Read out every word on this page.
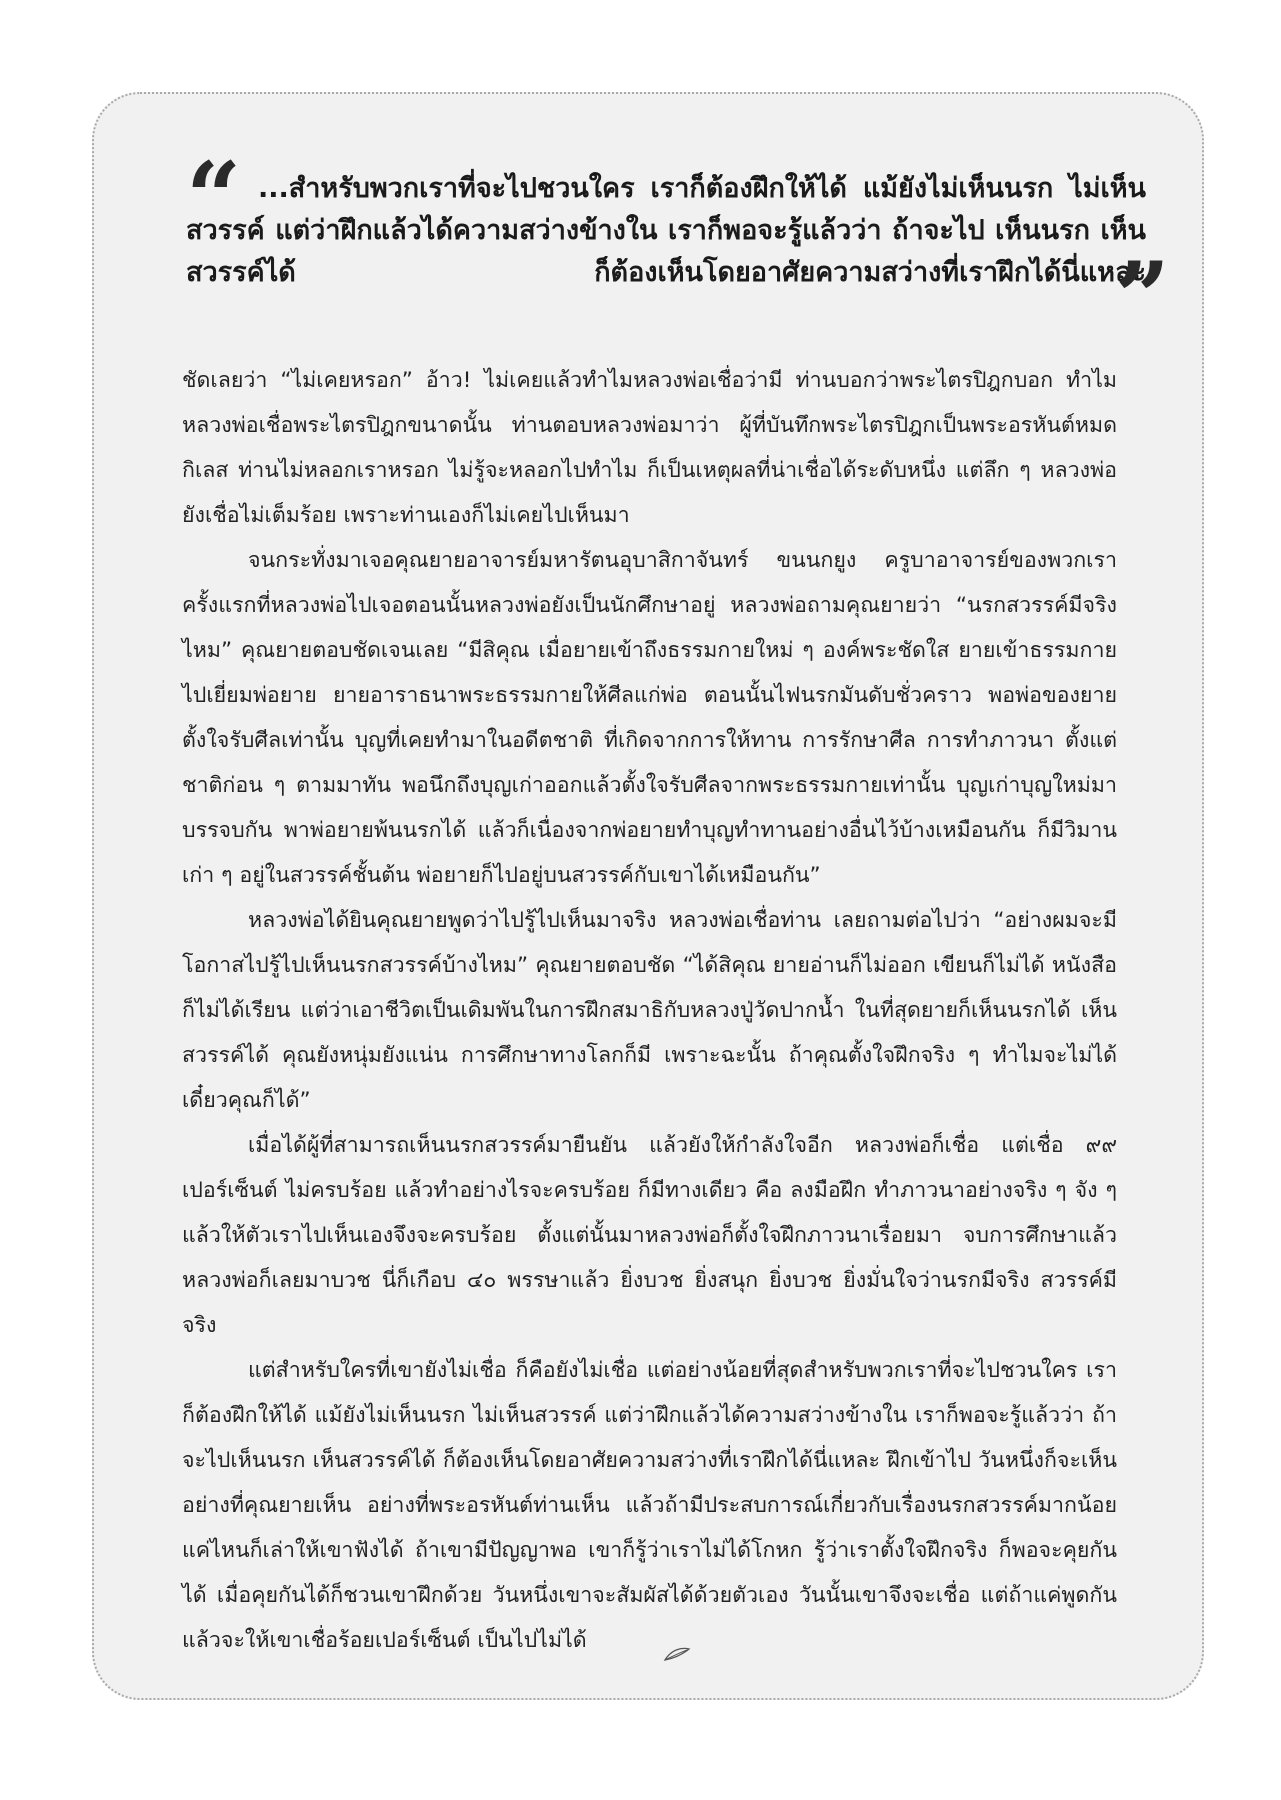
“ ...สำหรับพวกเราที่จะไปชวนใคร เราก็ต้องฝึกให้ได้ แม้ยังไม่เห็นนรก ไม่เห็นสวรรค์ แต่ว่าฝึกแล้วได้ความสว่างข้างใน เราก็พอจะรู้แล้วว่า ถ้าจะไป เห็นนรก เห็นสวรรค์ได้ ก็ต้องเห็นโดยอาศัยความสว่างที่เราฝึกได้นี่แหละ

”

ชัดเลยว่า “ไม่เคยหรอก” อ้าว! ไม่เคยแล้วทำไมหลวงพ่อเชื่อว่ามี ท่านบอกว่าพระไตรปิฎกบอก ทำไมหลวงพ่อเชื่อพระไตรปิฎกขนาดนั้น ท่านตอบหลวงพ่อมาว่า ผู้ที่บันทึกพระไตรปิฎกเป็นพระอรหันต์หมดกิเลส ท่านไม่หลอกเราหรอก ไม่รู้จะหลอกไปทำไม ก็เป็นเหตุผลที่น่าเชื่อได้ระดับหนึ่ง แต่ลึก ๆ หลวงพ่อยังเชื่อไม่เต็มร้อย เพราะท่านเองก็ไม่เคยไปเห็นมา

จนกระทั่งมาเจอคุณยายอาจารย์มหารัตนอุบาสิกาจันทร์ ขนนกยูง ครูบาอาจารย์ของพวกเรา ครั้งแรกที่หลวงพ่อไปเจอตอนนั้นหลวงพ่อยังเป็นนักศึกษาอยู่ หลวงพ่อถามคุณยายว่า “นรกสวรรค์มีจริงไหม” คุณยายตอบชัดเจนเลย “มีสิคุณ เมื่อยายเข้าถึงธรรมกายใหม่ ๆ องค์พระชัดใส ยายเข้าธรรมกายไปเยี่ยมพ่อยาย ยายอาราธนาพระธรรมกายให้ศีลแก่พ่อ ตอนนั้นไฟนรกมันดับชั่วคราว พอพ่อของยายตั้งใจรับศีลเท่านั้น บุญที่เคยทำมาในอดีตชาติ ที่เกิดจากการให้ทาน การรักษาศีล การทำภาวนา ตั้งแต่ชาติก่อน ๆ ตามมาทัน พอนึกถึงบุญเก่าออกแล้วตั้งใจรับศีลจากพระธรรมกายเท่านั้น บุญเก่าบุญใหม่มาบรรจบกัน พาพ่อยายพ้นนรกได้ แล้วก็เนื่องจากพ่อยายทำบุญทำทานอย่างอื่นไว้บ้างเหมือนกัน ก็มีวิมานเก่า ๆ อยู่ในสวรรค์ชั้นต้น พ่อยายก็ไปอยู่บนสวรรค์กับเขาได้เหมือนกัน”

หลวงพ่อได้ยินคุณยายพูดว่าไปรู้ไปเห็นมาจริง หลวงพ่อเชื่อท่าน เลยถามต่อไปว่า “อย่างผมจะมีโอกาสไปรู้ไปเห็นนรกสวรรค์บ้างไหม” คุณยายตอบชัด “ได้สิคุณ ยายอ่านก็ไม่ออก เขียนก็ไม่ได้ หนังสือก็ไม่ได้เรียน แต่ว่าเอาชีวิตเป็นเดิมพันในการฝึกสมาธิกับหลวงปู่วัดปากน้ำ ในที่สุดยายก็เห็นนรกได้ เห็นสวรรค์ได้ คุณยังหนุ่มยังแน่น การศึกษาทางโลกก็มี เพราะฉะนั้น ถ้าคุณตั้งใจฝึกจริง ๆ ทำไมจะไม่ได้ เดี๋ยวคุณก็ได้”

เมื่อได้ผู้ที่สามารถเห็นนรกสวรรค์มายืนยัน แล้วยังให้กำลังใจอีก หลวงพ่อก็เชื่อ แต่เชื่อ ๙๙ เปอร์เซ็นต์ ไม่ครบร้อย แล้วทำอย่างไรจะครบร้อย ก็มีทางเดียว คือ ลงมือฝึก ทำภาวนาอย่างจริง ๆ จัง ๆ แล้วให้ตัวเราไปเห็นเองจึงจะครบร้อย ตั้งแต่นั้นมาหลวงพ่อก็ตั้งใจฝึกภาวนาเรื่อยมา จบการศึกษาแล้วหลวงพ่อก็เลยมาบวช นี่ก็เกือบ ๔๐ พรรษาแล้ว ยิ่งบวช ยิ่งสนุก ยิ่งบวช ยิ่งมั่นใจว่านรกมีจริง สวรรค์มีจริง

แต่สำหรับใครที่เขายังไม่เชื่อ ก็คือยังไม่เชื่อ แต่อย่างน้อยที่สุดสำหรับพวกเราที่จะไปชวนใคร เราก็ต้องฝึกให้ได้ แม้ยังไม่เห็นนรก ไม่เห็นสวรรค์ แต่ว่าฝึกแล้วได้ความสว่างข้างใน เราก็พอจะรู้แล้วว่า ถ้าจะไปเห็นนรก เห็นสวรรค์ได้ ก็ต้องเห็นโดยอาศัยความสว่างที่เราฝึกได้นี่แหละ ฝึกเข้าไป วันหนึ่งก็จะเห็นอย่างที่คุณยายเห็น อย่างที่พระอรหันต์ท่านเห็น แล้วถ้ามีประสบการณ์เกี่ยวกับเรื่องนรกสวรรค์มากน้อยแค่ไหนก็เล่าให้เขาฟังได้ ถ้าเขามีปัญญาพอ เขาก็รู้ว่าเราไม่ได้โกหก รู้ว่าเราตั้งใจฝึกจริง ก็พอจะคุยกันได้ เมื่อคุยกันได้ก็ชวนเขาฝึกด้วย วันหนึ่งเขาจะสัมผัสได้ด้วยตัวเอง วันนั้นเขาจึงจะเชื่อ แต่ถ้าแค่พูดกันแล้วจะให้เขาเชื่อร้อยเปอร์เซ็นต์ เป็นไปไม่ได้
